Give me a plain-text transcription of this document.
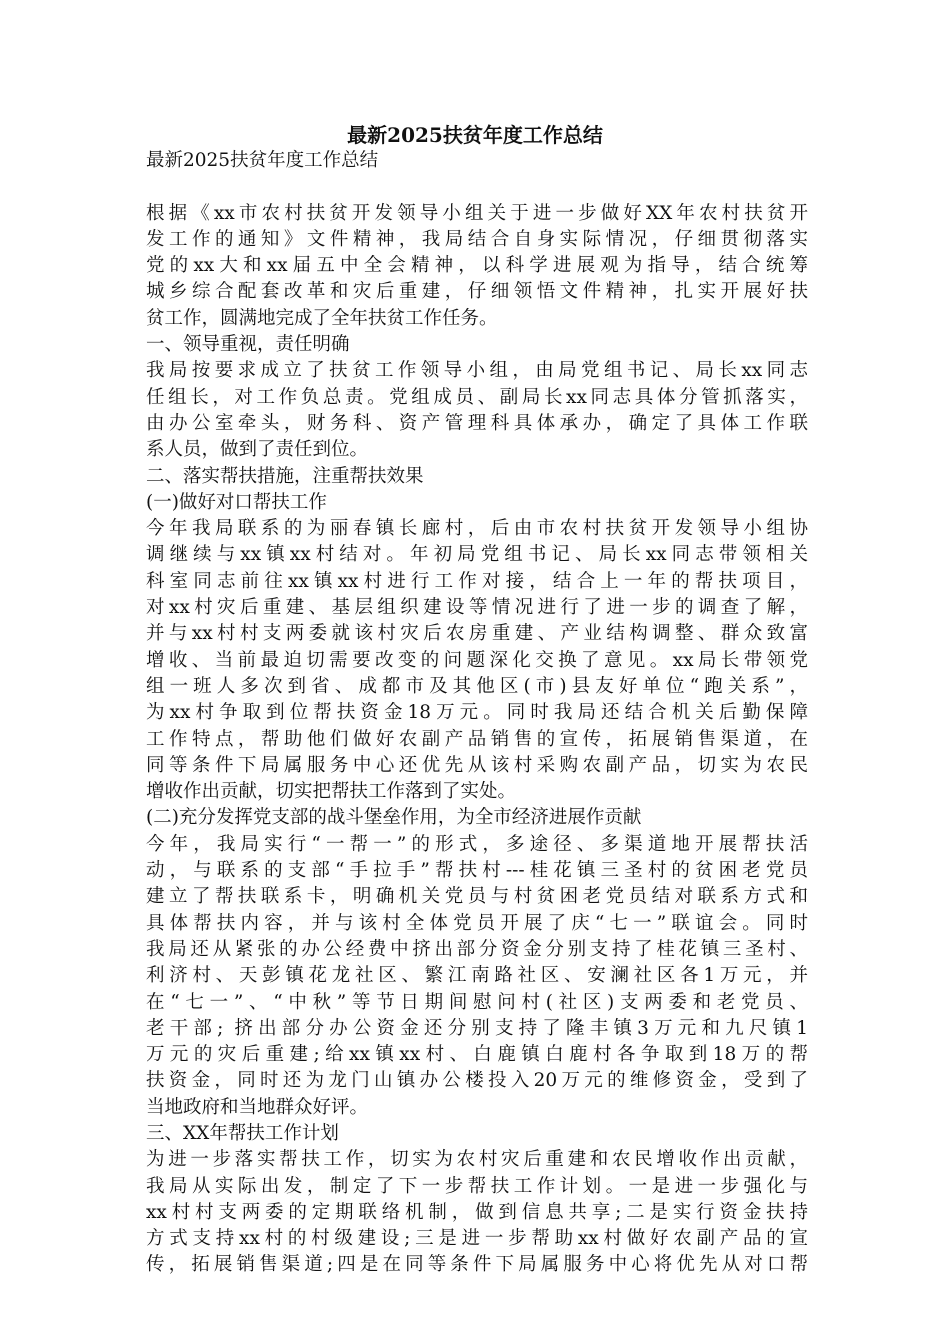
最新2025扶贫年度工作总结
最新2025扶贫年度工作总结
根据《xx市农村扶贫开发领导小组关于进一步做好XX年农村扶贫开
发工作的通知》文件精神，我局结合自身实际情况，仔细贯彻落实
党的xx大和xx届五中全会精神，以科学进展观为指导，结合统筹
城乡综合配套改革和灾后重建，仔细领悟文件精神，扎实开展好扶
贫工作，圆满地完成了全年扶贫工作任务。
一、领导重视，责任明确
我局按要求成立了扶贫工作领导小组，由局党组书记、局长xx同志
任组长，对工作负总责。党组成员、副局长xx同志具体分管抓落实，
由办公室牵头，财务科、资产管理科具体承办，确定了具体工作联
系人员，做到了责任到位。
二、落实帮扶措施，注重帮扶效果
(一)做好对口帮扶工作
今年我局联系的为丽春镇长廊村，后由市农村扶贫开发领导小组协
调继续与xx镇xx村结对。年初局党组书记、局长xx同志带领相关
科室同志前往xx镇xx村进行工作对接，结合上一年的帮扶项目，
对xx村灾后重建、基层组织建设等情况进行了进一步的调查了解，
并与xx村村支两委就该村灾后农房重建、产业结构调整、群众致富
增收、当前最迫切需要改变的问题深化交换了意见。xx局长带领党
组一班人多次到省、成都市及其他区(市)县友好单位“跑关系”，
为xx村争取到位帮扶资金18万元。同时我局还结合机关后勤保障
工作特点，帮助他们做好农副产品销售的宣传，拓展销售渠道，在
同等条件下局属服务中心还优先从该村采购农副产品，切实为农民
增收作出贡献，切实把帮扶工作落到了实处。
(二)充分发挥党支部的战斗堡垒作用，为全市经济进展作贡献
今年，我局实行“一帮一”的形式，多途径、多渠道地开展帮扶活
动，与联系的支部“手拉手”帮扶村---桂花镇三圣村的贫困老党员
建立了帮扶联系卡，明确机关党员与村贫困老党员结对联系方式和
具体帮扶内容，并与该村全体党员开展了庆“七一”联谊会。同时
我局还从紧张的办公经费中挤出部分资金分别支持了桂花镇三圣村、
利济村、天彭镇花龙社区、繁江南路社区、安澜社区各1万元，并
在“七一”、“中秋”等节日期间慰问村(社区)支两委和老党员、
老干部; 挤出部分办公资金还分别支持了隆丰镇3万元和九尺镇1
万元的灾后重建;给xx镇xx村、白鹿镇白鹿村各争取到18万的帮
扶资金，同时还为龙门山镇办公楼投入20万元的维修资金，受到了
当地政府和当地群众好评。
三、XX年帮扶工作计划
为进一步落实帮扶工作，切实为农村灾后重建和农民增收作出贡献，
我局从实际出发，制定了下一步帮扶工作计划。一是进一步强化与
xx村村支两委的定期联络机制，做到信息共享;二是实行资金扶持
方式支持xx村的村级建设;三是进一步帮助xx村做好农副产品的宣
传，拓展销售渠道;四是在同等条件下局属服务中心将优先从对口帮
